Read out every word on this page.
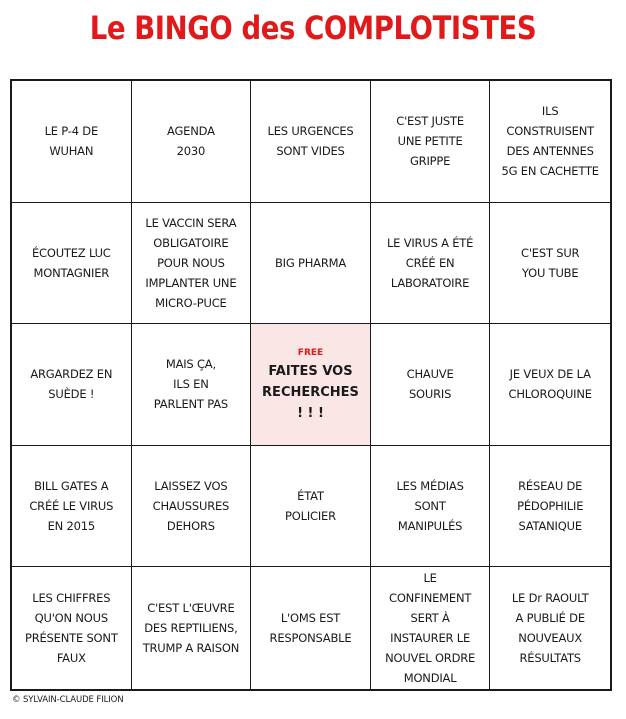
Le BINGO des COMPLOTISTES
LE P-4 DE
WUHAN
AGENDA
2030
LES URGENCES
SONT VIDES
C'EST JUSTE
UNE PETITE
GRIPPE
ILS
CONSTRUISENT
DES ANTENNES
5G EN CACHETTE
ÉCOUTEZ LUC
MONTAGNIER
LE VACCIN SERA
OBLIGATOIRE
POUR NOUS
IMPLANTER UNE
MICRO-PUCE
BIG PHARMA
LE VIRUS A ÉTÉ
CRÉÉ EN
LABORATOIRE
C'EST SUR
YOU TUBE
ARGARDEZ EN
SUÈDE !
MAIS ÇA,
ILS EN
PARLENT PAS
FREE
FAITES VOS
RECHERCHES
! ! !
CHAUVE
SOURIS
JE VEUX DE LA
CHLOROQUINE
BILL GATES A
CRÉÉ LE VIRUS
EN 2015
LAISSEZ VOS
CHAUSSURES
DEHORS
ÉTAT
POLICIER
LES MÉDIAS
SONT
MANIPULÉS
RÉSEAU DE
PÉDOPHILIE
SATANIQUE
LES CHIFFRES
QU'ON NOUS
PRÉSENTE SONT
FAUX
C'EST L'ŒUVRE
DES REPTILIENS,
TRUMP A RAISON
L'OMS EST
RESPONSABLE
LE
CONFINEMENT
SERT À
INSTAURER LE
NOUVEL ORDRE
MONDIAL
LE Dr RAOULT
A PUBLIÉ DE
NOUVEAUX
RÉSULTATS
© SYLVAIN-CLAUDE FILION
